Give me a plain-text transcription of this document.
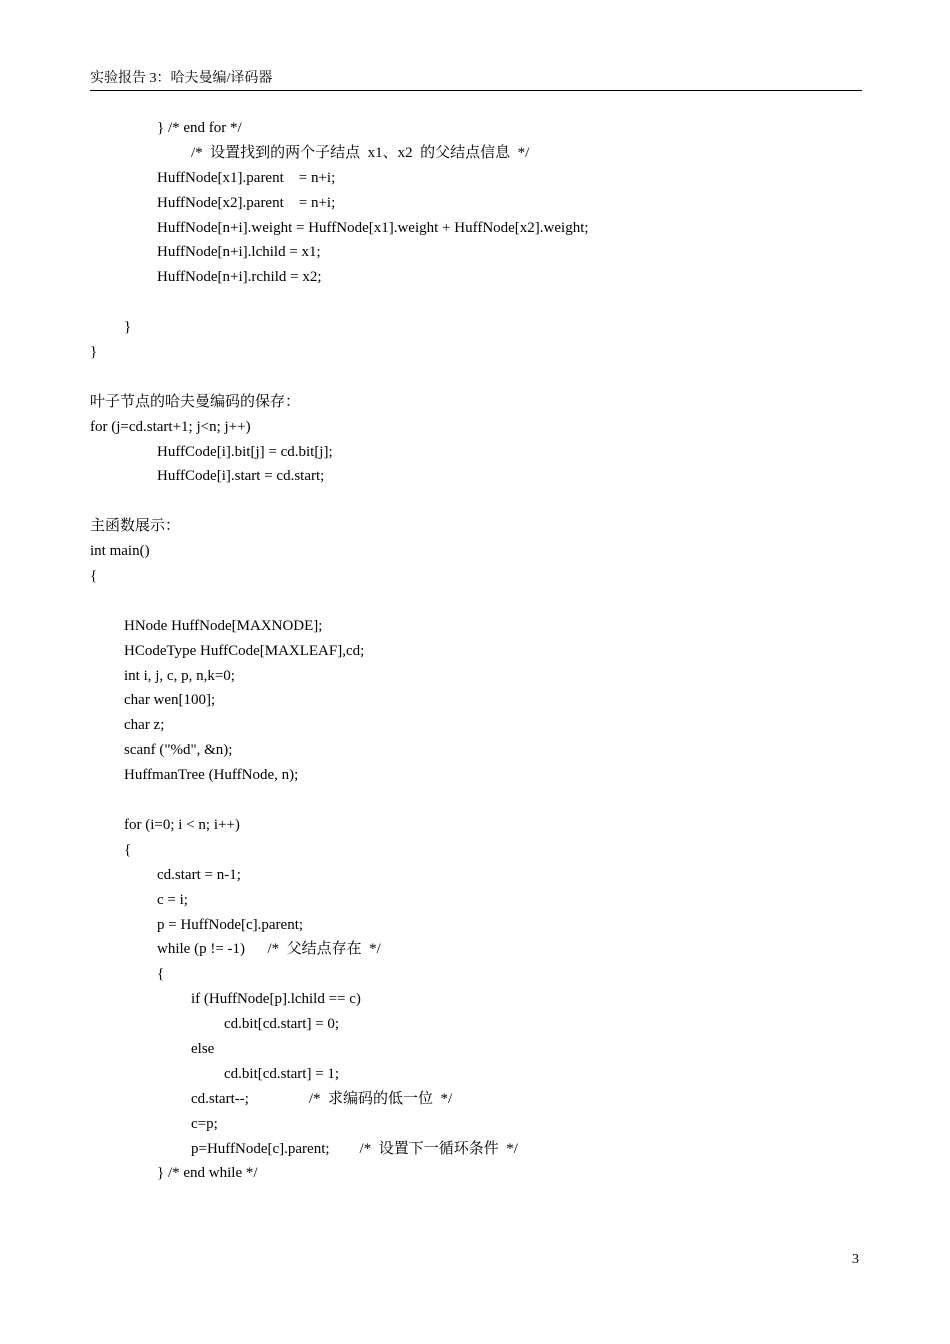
实验报告 3：哈夫曼编/译码器
} /* end for */
/*  设置找到的两个子结点  x1、x2  的父结点信息  */
HuffNode[x1].parent    = n+i;
HuffNode[x2].parent    = n+i;
HuffNode[n+i].weight = HuffNode[x1].weight + HuffNode[x2].weight;
HuffNode[n+i].lchild = x1;
HuffNode[n+i].rchild = x2;
}
}
叶子节点的哈夫曼编码的保存：
for (j=cd.start+1; j<n; j++)
HuffCode[i].bit[j] = cd.bit[j];
HuffCode[i].start = cd.start;
主函数展示：
int main()
{
HNode HuffNode[MAXNODE];
HCodeType HuffCode[MAXLEAF],cd;
int i, j, c, p, n,k=0;
char wen[100];
char z;
scanf ("%d", &n);
HuffmanTree (HuffNode, n);
for (i=0; i < n; i++)
{
cd.start = n-1;
c = i;
p = HuffNode[c].parent;
while (p != -1)      /*  父结点存在  */
{
if (HuffNode[p].lchild == c)
cd.bit[cd.start] = 0;
else
cd.bit[cd.start] = 1;
cd.start--;                /*  求编码的低一位  */
c=p;
p=HuffNode[c].parent;        /*  设置下一循环条件  */
} /* end while */
3
